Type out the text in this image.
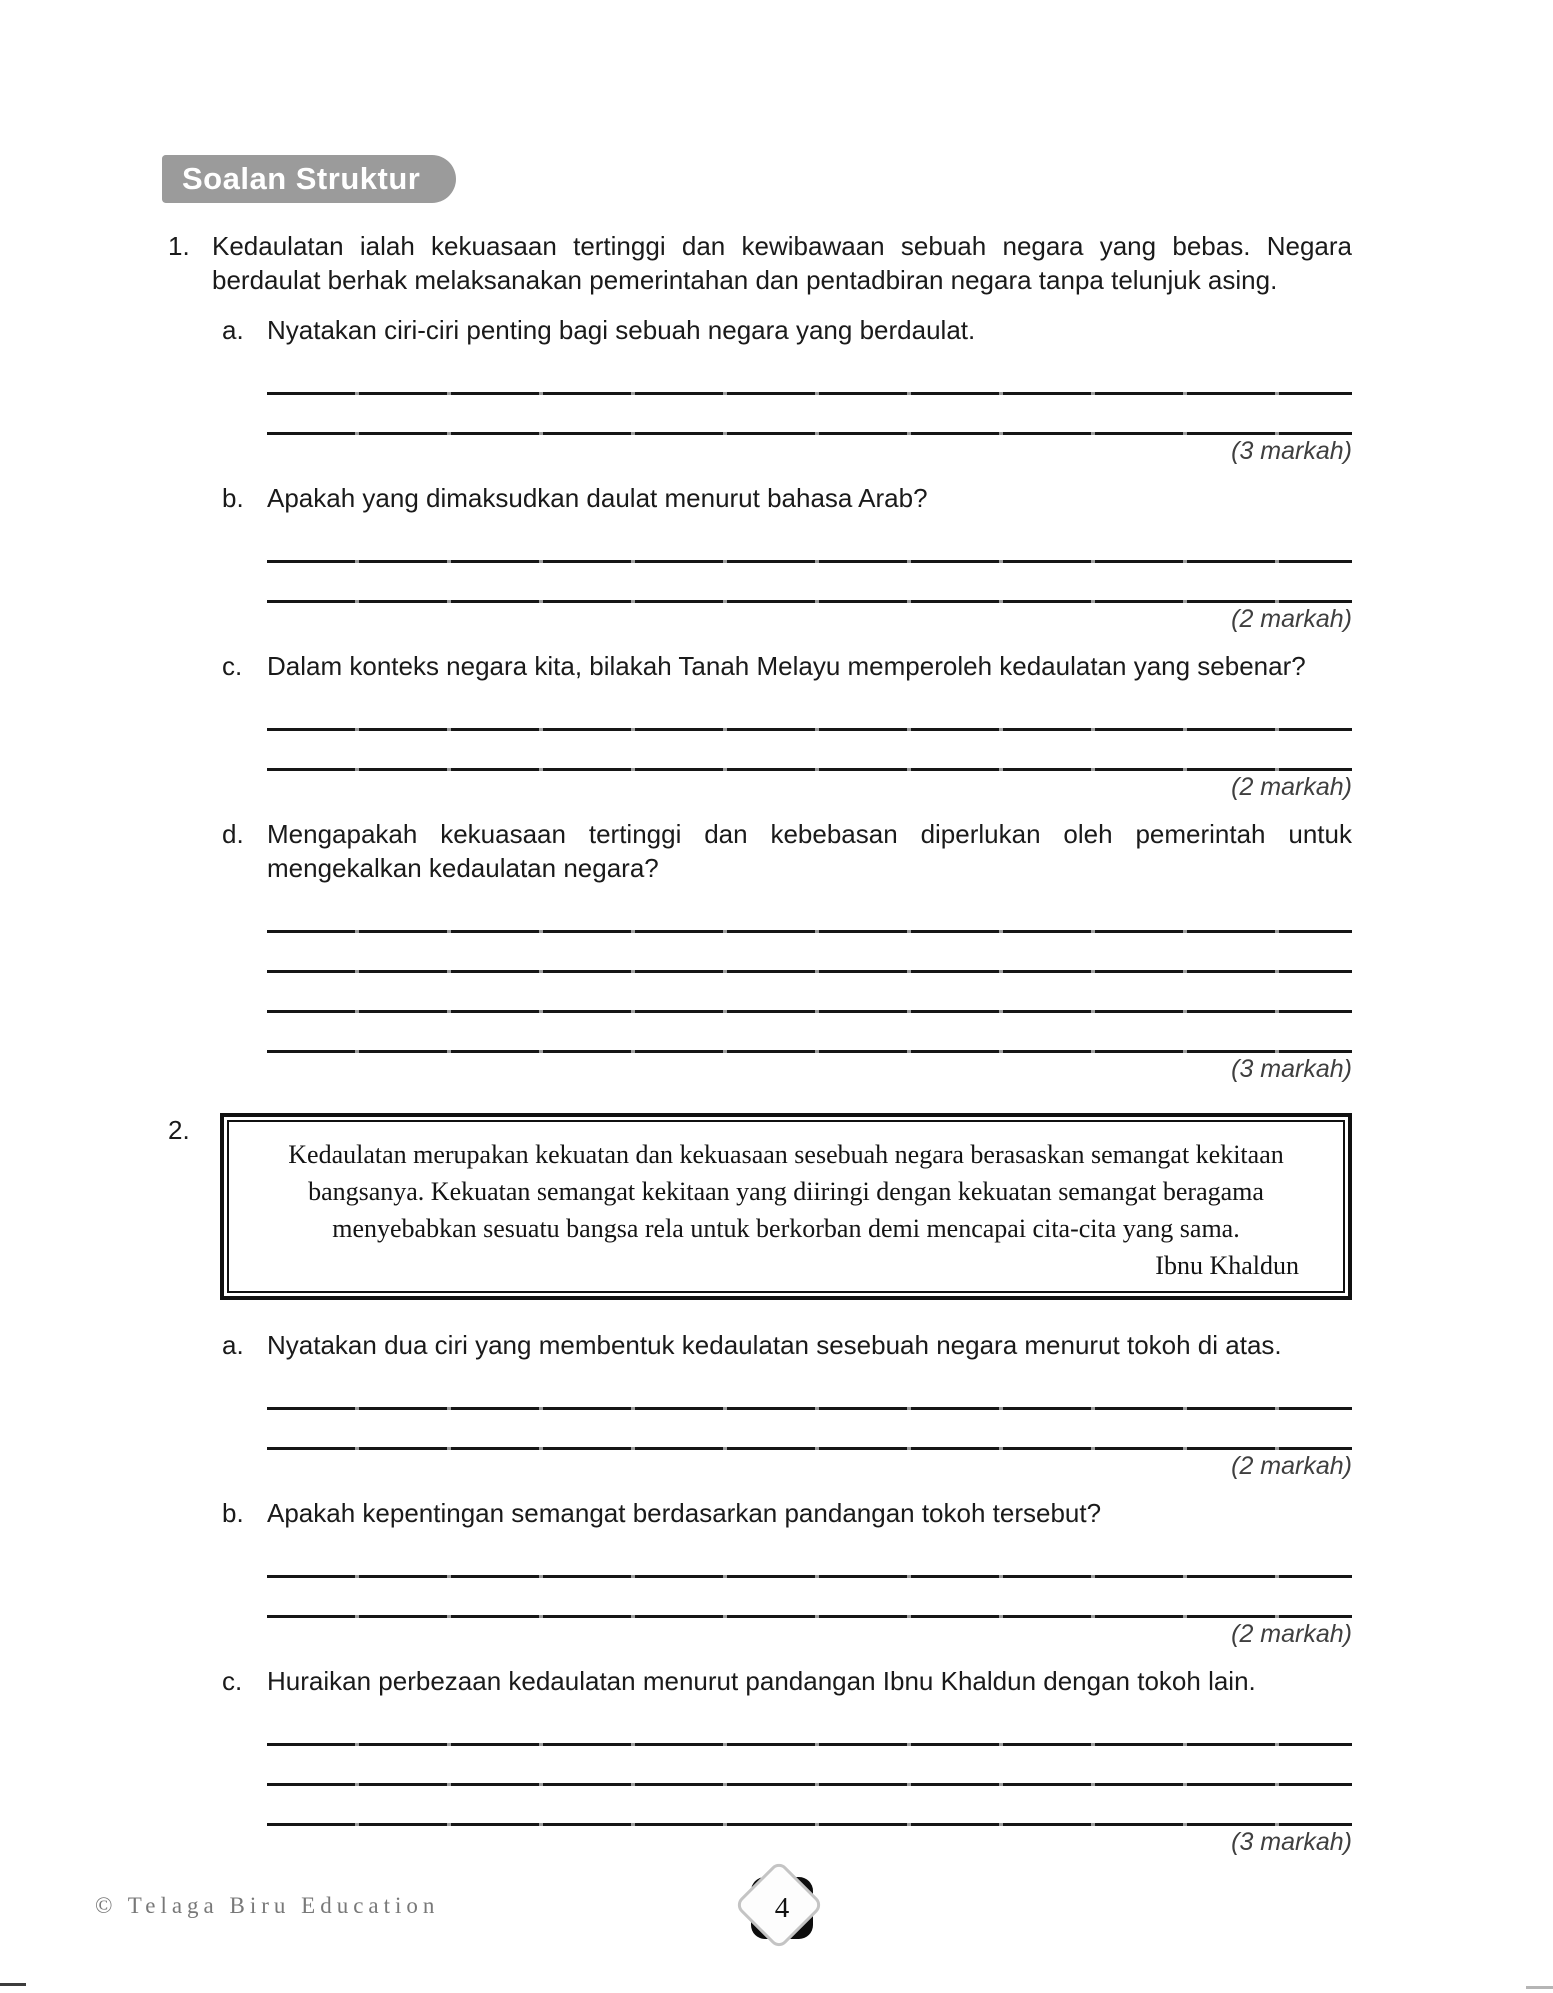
Soalan Struktur
1. Kedaulatan ialah kekuasaan tertinggi dan kewibawaan sebuah negara yang bebas. Negara berdaulat berhak melaksanakan pemerintahan dan pentadbiran negara tanpa telunjuk asing.

a. Nyatakan ciri-ciri penting bagi sebuah negara yang berdaulat.

(3 markah)
b. Apakah yang dimaksudkan daulat menurut bahasa Arab?

(2 markah)
c. Dalam konteks negara kita, bilakah Tanah Melayu memperoleh kedaulatan yang sebenar?

(2 markah)
d. Mengapakah kekuasaan tertinggi dan kebebasan diperlukan oleh pemerintah untuk mengekalkan kedaulatan negara?

(3 markah)
2.

Kedaulatan merupakan kekuatan dan kekuasaan sesebuah negara berasaskan semangat kekitaan bangsanya. Kekuatan semangat kekitaan yang diiringi dengan kekuatan semangat beragama menyebabkan sesuatu bangsa rela untuk berkorban demi mencapai cita-cita yang sama.

Ibnu Khaldun
a. Nyatakan dua ciri yang membentuk kedaulatan sesebuah negara menurut tokoh di atas.

(2 markah)
b. Apakah kepentingan semangat berdasarkan pandangan tokoh tersebut?

(2 markah)
c. Huraikan perbezaan kedaulatan menurut pandangan Ibnu Khaldun dengan tokoh lain.

(3 markah)
© Telaga Biru Education	4
